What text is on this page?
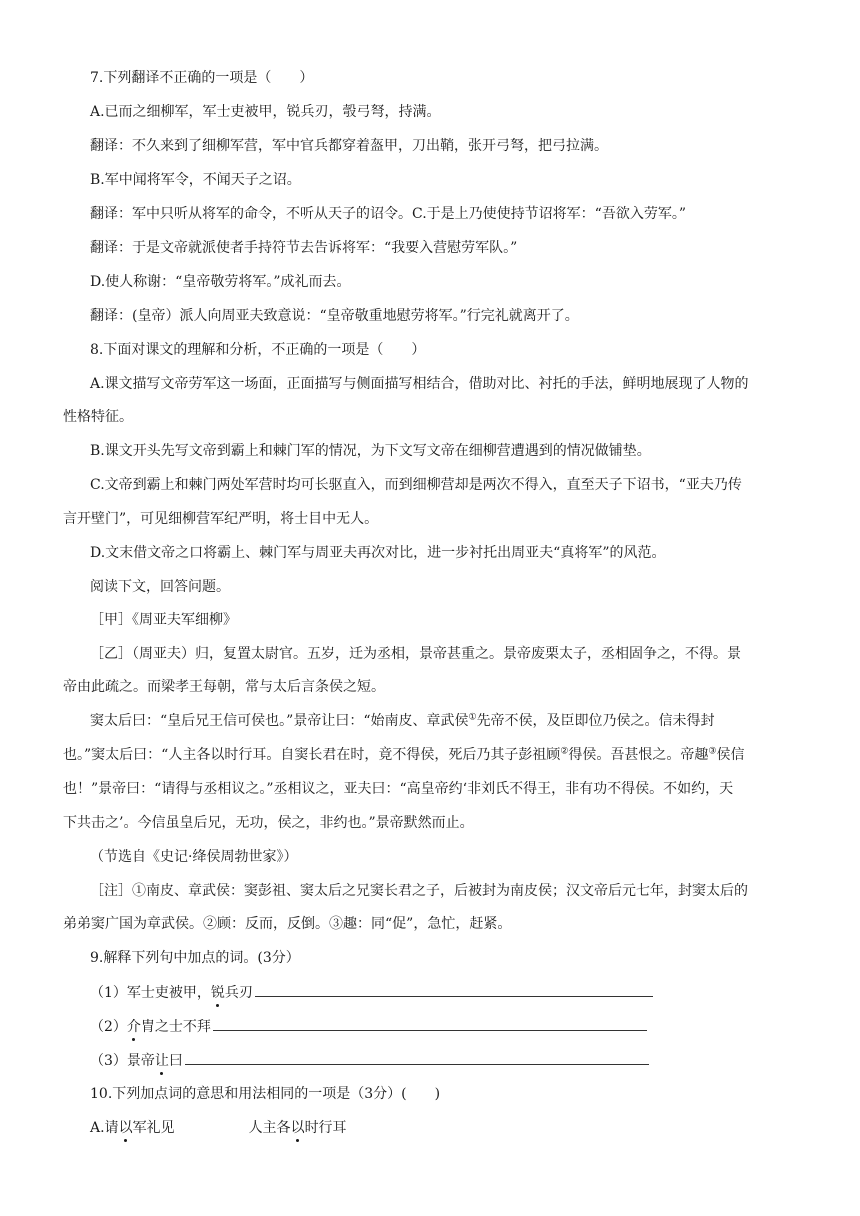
7.下列翻译不正确的一项是（　　）
A.已而之细柳军，军士吏被甲，锐兵刃，彀弓弩，持满。
翻译：不久来到了细柳军营，军中官兵都穿着盔甲，刀出鞘，张开弓弩，把弓拉满。
B.军中闻将军令，不闻天子之诏。
翻译：军中只听从将军的命令，不听从天子的诏令。C.于是上乃使使持节诏将军：“吾欲入劳军。”
翻译：于是文帝就派使者手持符节去告诉将军：“我要入营慰劳军队。”
D.使人称谢：“皇帝敬劳将军。”成礼而去。
翻译：(皇帝）派人向周亚夫致意说：“皇帝敬重地慰劳将军。”行完礼就离开了。
8.下面对课文的理解和分析，不正确的一项是（　　）
A.课文描写文帝劳军这一场面，正面描写与侧面描写相结合，借助对比、衬托的手法，鲜明地展现了人物的
性格特征。
B.课文开头先写文帝到霸上和棘门军的情况，为下文写文帝在细柳营遭遇到的情况做铺垫。
C.文帝到霸上和棘门两处军营时均可长驱直入，而到细柳营却是两次不得入，直至天子下诏书，“亚夫乃传
言开壁门”，可见细柳营军纪严明，将士目中无人。
D.文末借文帝之口将霸上、棘门军与周亚夫再次对比，进一步衬托出周亚夫“真将军”的风范。
阅读下文，回答问题。
［甲］《周亚夫军细柳》
［乙］（周亚夫）归，复置太尉官。五岁，迁为丞相，景帝甚重之。景帝废栗太子，丞相固争之，不得。景
帝由此疏之。而梁孝王每朝，常与太后言条侯之短。
窦太后曰：“皇后兄王信可侯也。”景帝让曰：“始南皮、章武侯①先帝不侯，及臣即位乃侯之。信未得封
也。”窦太后曰：“人主各以时行耳。自窦长君在时，竟不得侯，死后乃其子彭祖顾②得侯。吾甚恨之。帝趣③侯信
也！”景帝曰：“请得与丞相议之。”丞相议之，亚夫曰：“高皇帝约‘非刘氏不得王，非有功不得侯。不如约，天
下共击之’。今信虽皇后兄，无功，侯之，非约也。”景帝默然而止。
（节选自《史记·绛侯周勃世家》）
［注］①南皮、章武侯：窦彭祖、窦太后之兄窦长君之子，后被封为南皮侯；汉文帝后元七年，封窦太后的
弟弟窦广国为章武侯。②顾：反而，反倒。③趣：同“促”，急忙，赶紧。
9.解释下列句中加点的词。(3分）
（1）军士吏被甲，锐兵刃
（2）介胄之士不拜
（3）景帝让曰
10.下列加点词的意思和用法相同的一项是（3分）(　　)
A.请以军礼见	人主各以时行耳
